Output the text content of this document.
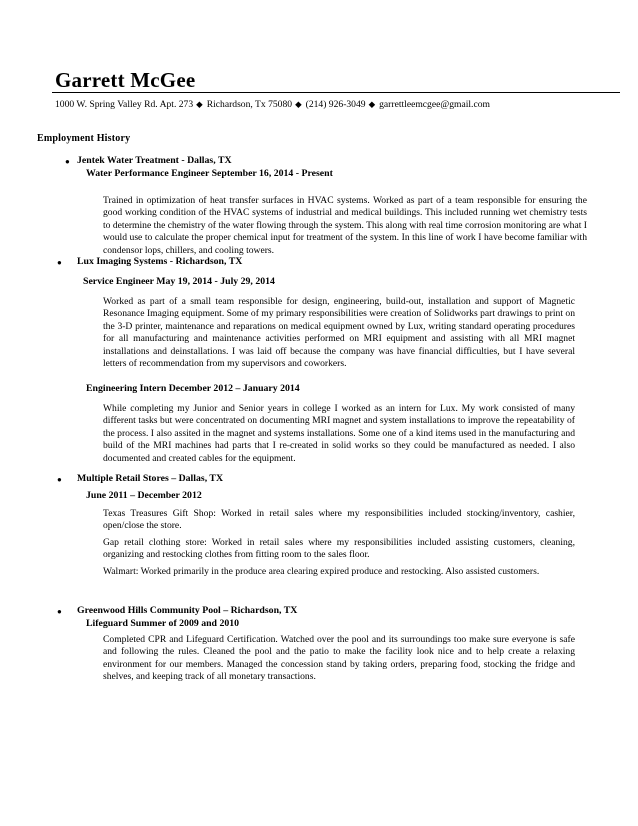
Garrett McGee
1000 W. Spring Valley Rd. Apt. 273 ◆ Richardson, Tx 75080 ◆ (214) 926-3049 ◆ garrettleemcgee@gmail.com
Employment History
● Jentek Water Treatment - Dallas, TX
Water Performance Engineer September 16, 2014 - Present
Trained in optimization of heat transfer surfaces in HVAC systems. Worked as part of a team responsible for ensuring the good working condition of the HVAC systems of industrial and medical buildings. This included running wet chemistry tests to determine the chemistry of the water flowing through the system. This along with real time corrosion monitoring are what I would use to calculate the proper chemical input for treatment of the system. In this line of work I have become familiar with condensor lops, chillers, and cooling towers.
● Lux Imaging Systems - Richardson, TX
Service Engineer May 19, 2014 - July 29, 2014
Worked as part of a small team responsible for design, engineering, build-out, installation and support of Magnetic Resonance Imaging equipment. Some of my primary responsibilities were creation of Solidworks part drawings to print on the 3-D printer, maintenance and reparations on medical equipment owned by Lux, writing standard operating procedures for all manufacturing and maintenance activities performed on MRI equipment and assisting with all MRI magnet installations and deinstallations. I was laid off because the company was have financial difficulties, but I have several letters of recommendation from my supervisors and coworkers.
Engineering Intern December 2012 – January 2014
While completing my Junior and Senior years in college I worked as an intern for Lux. My work consisted of many different tasks but were concentrated on documenting MRI magnet and system installations to improve the repeatability of the process. I also assited in the magnet and systems installations. Some one of a kind items used in the manufacturing and build of the MRI machines had parts that I re-created in solid works so they could be manufactured as needed. I also documented and created cables for the equipment.
● Multiple Retail Stores – Dallas, TX
June 2011 – December 2012
Texas Treasures Gift Shop: Worked in retail sales where my responsibilities included stocking/inventory, cashier, open/close the store.
Gap retail clothing store: Worked in retail sales where my responsibilities included assisting customers, cleaning, organizing and restocking clothes from fitting room to the sales floor.
Walmart: Worked primarily in the produce area clearing expired produce and restocking. Also assisted customers.
● Greenwood Hills Community Pool – Richardson, TX
Lifeguard Summer of 2009 and 2010
Completed CPR and Lifeguard Certification. Watched over the pool and its surroundings too make sure everyone is safe and following the rules. Cleaned the pool and the patio to make the facility look nice and to help create a relaxing environment for our members. Managed the concession stand by taking orders, preparing food, stocking the fridge and shelves, and keeping track of all monetary transactions.
